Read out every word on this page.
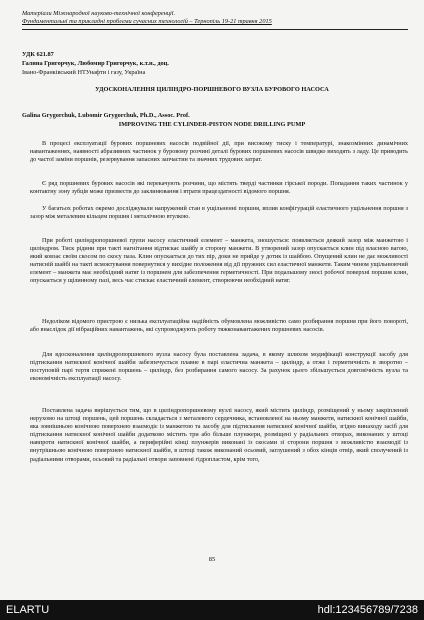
Матеріали Міжнародної науково-технічної конференції.
Фундаментальні та прикладні проблеми сучасних технологій – Тернопіль 19-21 травня 2015
УДК 621.87
Галина Григорчук, Любомир Григорчук, к.т.н., доц.
Івано-Франківський НТУнафти і газу, Україна
УДОСКОНАЛЕННЯ ЦИЛІНДРО-ПОРШНЕВОГО ВУЗЛА БУРОВОГО НАСОСА
Galina Grygorchuk, Lubomir Grygorchuk, Ph.D., Assoc. Prof.
IMPROVING THE CYLINDER-PISTON NODE DRILLING PUMP
В процесі експлуатації бурових поршневих насосів подвійної дії, при високому тиску і температурі, знакозмінних динамічних навантаженнях, наявності абразивних частинок у буровому розчині деталі бурових поршневих насосів швидко виходять з ладу. Це приводить до частої заміни поршнів, резервування запасних запчастин та значних трудових затрат.
Є ряд поршневих бурових насосів які перекачують розчини, що містять тверді частинки гірської породи. Попадання таких частинок у контактну зону зубців може призвести до заклинювання і втрати працездатності відомого поршня.
У багатьох роботах окремо досліджували напружений стан в ущільненні поршня, вплив конфігурацій еластичного ущільнення поршня з зазор між металевим кільцем поршня і металічною втулкою.
При роботі циліндропоршневої групи насосу еластичний елемент – манжета, зношується: появляється деякий зазор між манжетою і циліндром. Тиск рідини при такті нагнітання відтискає шайбу в сторону манжети. В утворений зазор опускається клин під власною вагою, який ковзає своїм скосом по скосу паза. Клин опускається до тих пір, доки не прийде у дотик із шайбою. Опущений клин не дає можливості натисній шайбі на такті всмоктування повернутися у вихідне положення від дії пружних сил еластичної манжети. Таким чином ущільнюючий елемент – манжета має необхідний натяг із поршнем для забезпечення герметичності. При подальшому зносі робочої поверхні поршня клин, опускається у щілинному пазі, весь час стискає еластичний елемент, створюючи необхідний натяг.
Недоліком відомого пристрою є низька експлуатаційна надійність обумовлена можливістю само розбирання поршня при його повороті, або внаслідок дії вібраційних навантажень, які супроводжують роботу тяжконавантажених поршневих насосів.
Для вдосконалення циліндропоршневого вузла насосу була поставлена задача, в якому шляхом модифікації конструкції засобу для підтискання натискної конічної шайби забезпечується плавне в парі еластична манжета – циліндр, а отже і герметичність в зворотно – поступовій парі тертя спряжені поршень – циліндр, без розбирання самого насосу. За рахунок цього збільшується довговічність вузла та економічність експлуатації насосу.
Поставлена задача вирішується тим, що в циліндропоршневому вузлі насосу, який містить циліндр, розміщений у ньому закріплений нерухомо на штоці поршень, цей поршень складається з металевого сердечника, встановленої на ньому манжети, натискної конічної шайби, яка зовнішньою конічною поверхнею взаємодіє із манжетою та засобу для підтискання натискної конічної шайби, згідно винаходу засіб для підтискання натискної конічної шайби додатково містить три або більше плунжери, розміщені у радіальних отворах, виконаних у штоці навпроти натискної конічної шайби, а периферійні кінці плунжерів виконані із скосами зі сторони поршня з можливістю взаємодії із внутрішньою конічною поверхнею натискної шайби, в штоці також виконаний осьовий, заглушений з обох кінців отвір, який сполучений із радіальними отворами, осьовий та радіальні отвори заповнені гідропластом, крім того,
85
ELARTU	hdl:123456789/7238
